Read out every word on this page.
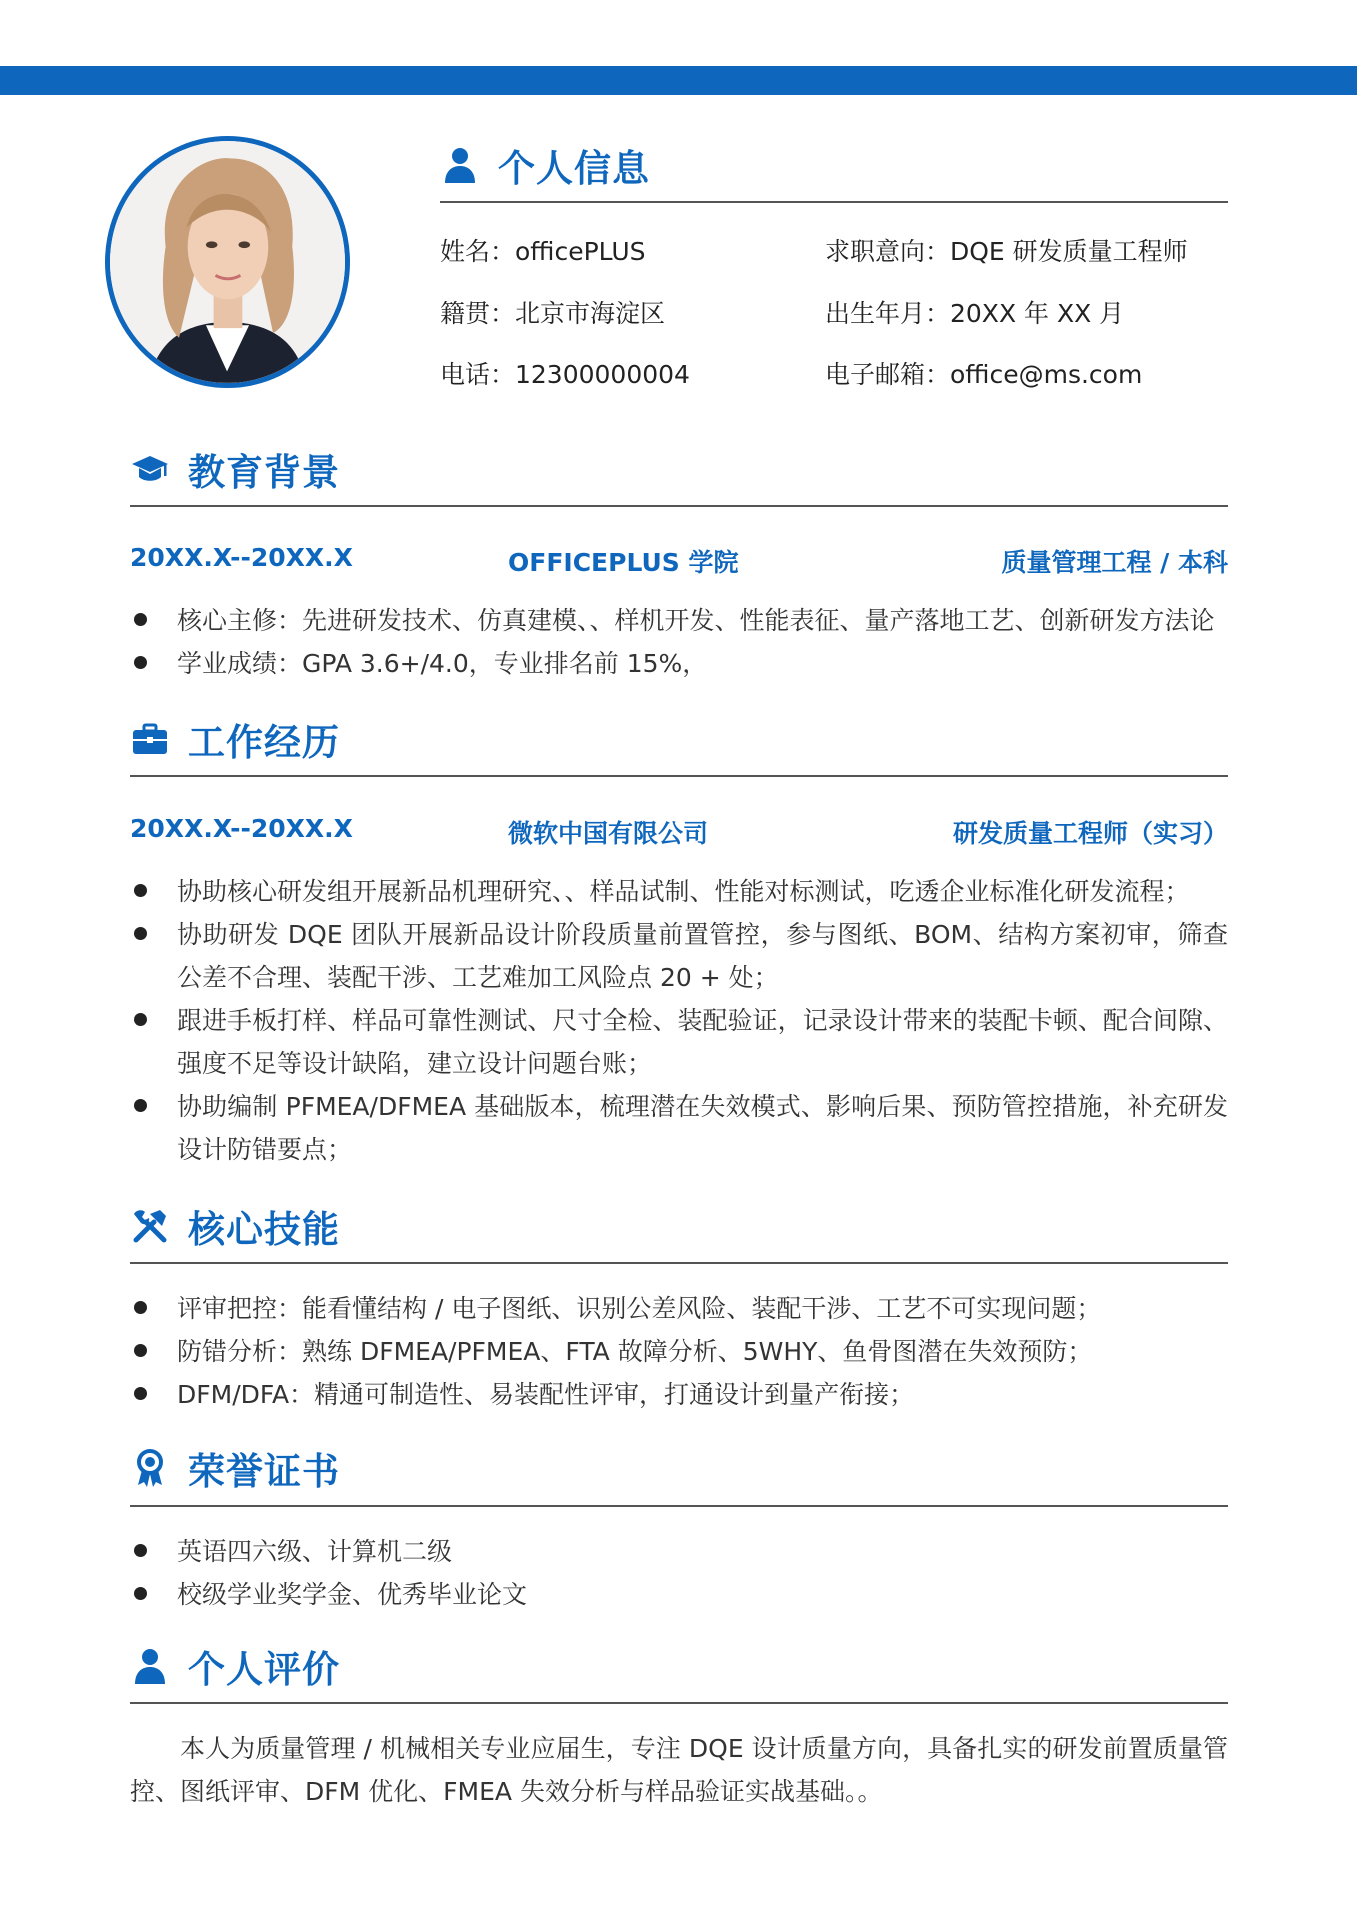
个人信息
姓名：officePLUS	求职意向：DQE 研发质量工程师
籍贯：北京市海淀区	出生年月：20XX 年 XX 月
电话：12300000004	电子邮箱：office@ms.com
教育背景
20XX.X--20XX.X	OFFICEPLUS 学院	质量管理工程 / 本科
核心主修：先进研发技术、仿真建模、、样机开发、性能表征、量产落地工艺、创新研发方法论
学业成绩：GPA 3.6+/4.0，专业排名前 15%，
工作经历
20XX.X--20XX.X	微软中国有限公司	研发质量工程师（实习）
协助核心研发组开展新品机理研究、、样品试制、性能对标测试，吃透企业标准化研发流程；
协助研发 DQE 团队开展新品设计阶段质量前置管控，参与图纸、BOM、结构方案初审，筛查公差不合理、装配干涉、工艺难加工风险点 20 + 处；
跟进手板打样、样品可靠性测试、尺寸全检、装配验证，记录设计带来的装配卡顿、配合间隙、强度不足等设计缺陷，建立设计问题台账；
协助编制 PFMEA/DFMEA 基础版本，梳理潜在失效模式、影响后果、预防管控措施，补充研发设计防错要点；
核心技能
评审把控：能看懂结构 / 电子图纸、识别公差风险、装配干涉、工艺不可实现问题；
防错分析：熟练 DFMEA/PFMEA、FTA 故障分析、5WHY、鱼骨图潜在失效预防；
DFM/DFA：精通可制造性、易装配性评审，打通设计到量产衔接；
荣誉证书
英语四六级、计算机二级
校级学业奖学金、优秀毕业论文
个人评价

本人为质量管理 / 机械相关专业应届生，专注 DQE 设计质量方向，具备扎实的研发前置质量管控、图纸评审、DFM 优化、FMEA 失效分析与样品验证实战基础。。
